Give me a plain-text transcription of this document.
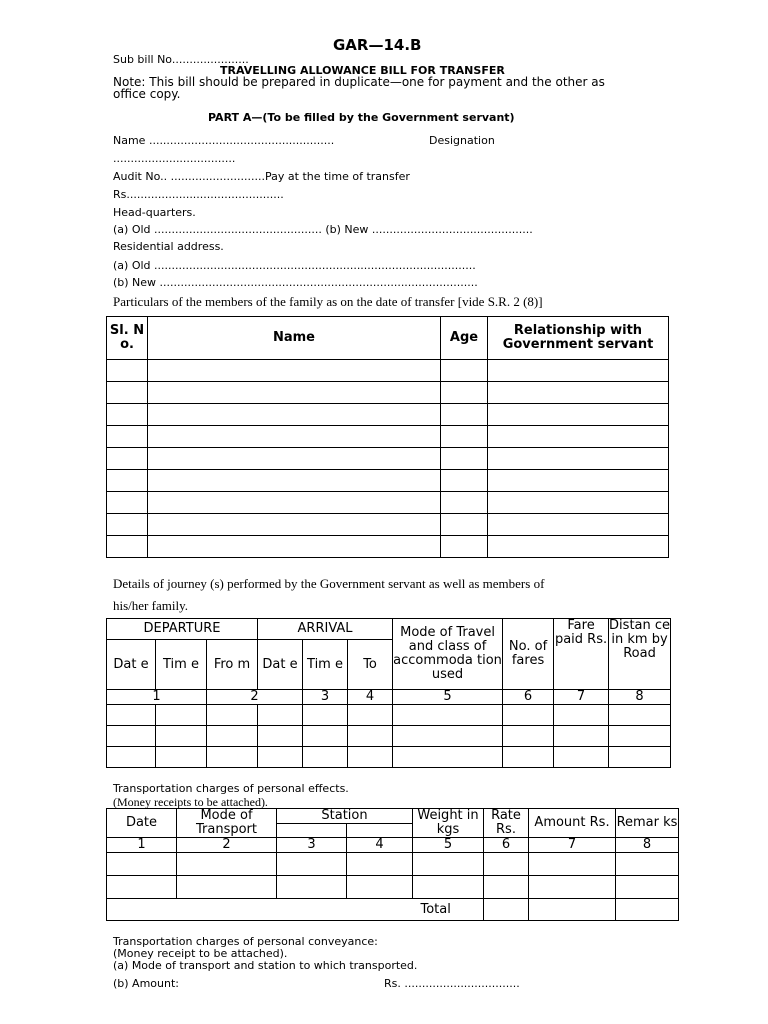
GAR—14.B
Sub bill No......................
TRAVELLING ALLOWANCE BILL FOR TRANSFER
Note: This bill should be prepared in duplicate—one for payment and the other as
office copy.
PART A—(To be filled by the Government servant)
Name .....................................................	Designation
...................................
Audit No.. ...........................Pay at the time of transfer
Rs.............................................
Head-quarters.
(a) Old ................................................ (b) New ..............................................
Residential address.
(a) Old ............................................................................................
(b) New ...........................................................................................
Particulars of the members of the family as on the date of transfer [vide S.R. 2 (8)]
Sl. No.	Name	Age	Relationship with Government servant

Details of journey (s) performed by the Government servant as well as members of
his/her family.
DEPARTURE			ARRIVAL			Mode of Travel and class of accommoda tion used	No. of fares	Fare paid Rs.	Distan ce in km by Road
Dat e	Tim e	Fro m	Dat e	Tim e	To				
1		2		3	4	5	6	7	8

Transportation charges of personal effects.
(Money receipts to be attached).
Date	Mode of Transport	Station		Weight in kgs	Rate Rs.	Amount Rs.	Remar ks

1	2	3	4	5	6	7	8

				Total			
Transportation charges of personal conveyance:
(Money receipt to be attached).
(a) Mode of transport and station to which transported.
(b) Amount:	Rs. .................................
